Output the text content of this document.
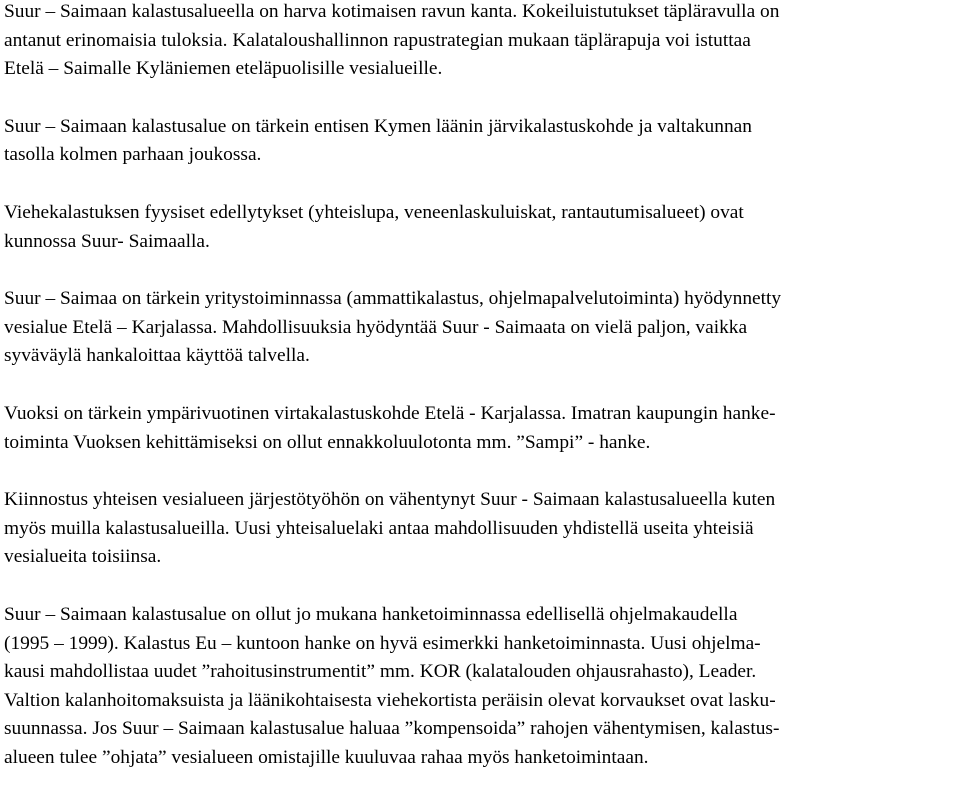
Suur – Saimaan kalastusalueella on harva kotimaisen ravun kanta. Kokeiluistutukset täpläravulla on
antanut erinomaisia tuloksia. Kalataloushallinnon rapustrategian mukaan täplärapuja voi istuttaa
Etelä – Saimalle Kyläniemen eteläpuolisille vesialueille.

Suur – Saimaan kalastusalue on tärkein entisen Kymen läänin järvikalastuskohde ja valtakunnan
tasolla kolmen parhaan joukossa.

Viehekalastuksen fyysiset edellytykset (yhteislupa, veneenlaskuluiskat, rantautumisalueet) ovat
kunnossa Suur- Saimaalla.

Suur – Saimaa on tärkein yritystoiminnassa (ammattikalastus, ohjelmapalvelutoiminta) hyödynnetty
vesialue Etelä – Karjalassa. Mahdollisuuksia hyödyntää Suur - Saimaata on vielä paljon, vaikka
syväväylä hankaloittaa käyttöä talvella.

Vuoksi on tärkein ympärivuotinen virtakalastuskohde Etelä - Karjalassa. Imatran kaupungin hanke-
toiminta Vuoksen kehittämiseksi on ollut ennakkoluulotonta mm. ”Sampi” - hanke.

Kiinnostus yhteisen vesialueen järjestötyöhön on vähentynyt Suur - Saimaan kalastusalueella kuten
myös muilla kalastusalueilla. Uusi yhteisaluelaki antaa mahdollisuuden yhdistellä useita yhteisiä
vesialueita toisiinsa.

Suur – Saimaan kalastusalue on ollut jo mukana hanketoiminnassa edellisellä ohjelmakaudella
(1995 – 1999). Kalastus Eu – kuntoon hanke on hyvä esimerkki hanketoiminnasta. Uusi ohjelma-
kausi mahdollistaa uudet ”rahoitusinstrumentit” mm. KOR (kalatalouden ohjausrahasto), Leader.
Valtion kalanhoitomaksuista ja läänikohtaisesta viehekortista peräisin olevat korvaukset ovat lasku-
suunnassa. Jos Suur – Saimaan kalastusalue haluaa ”kompensoida” rahojen vähentymisen, kalastus-
alueen tulee ”ohjata” vesialueen omistajille kuuluvaa rahaa myös hanketoimintaan.
